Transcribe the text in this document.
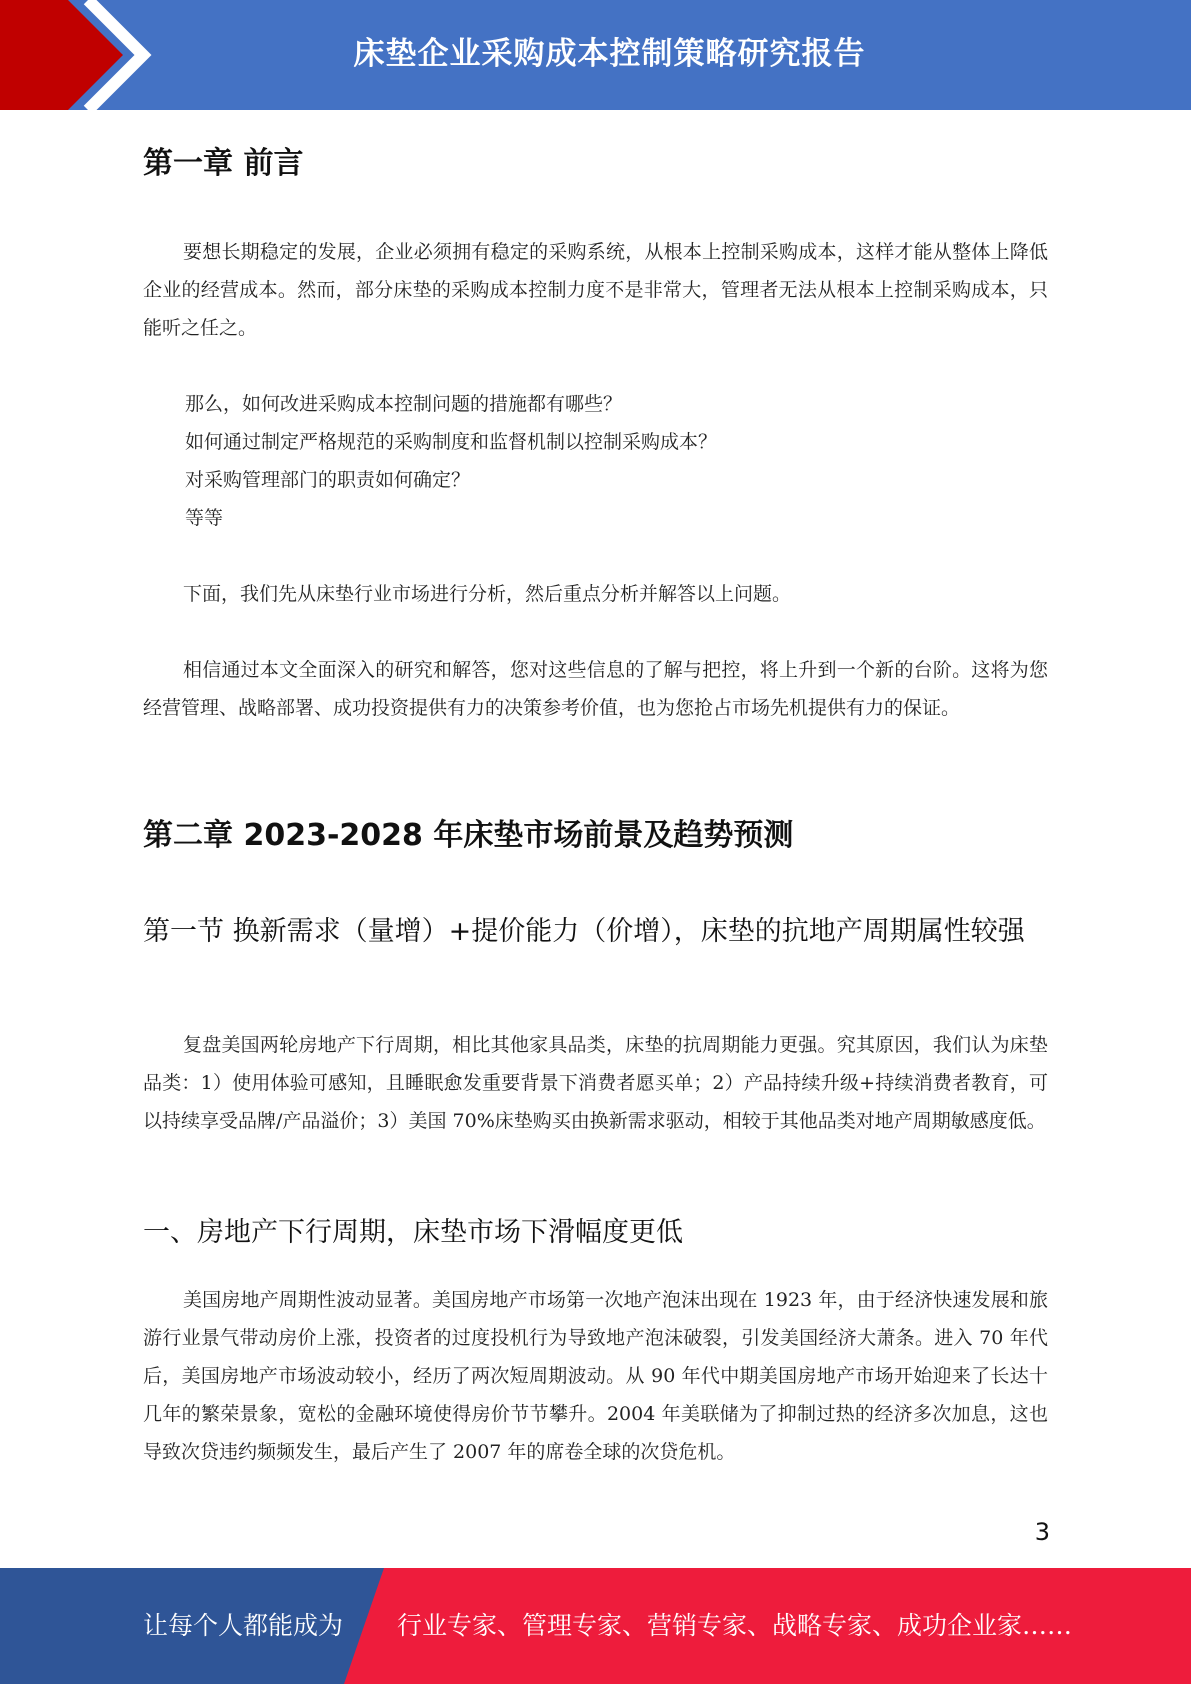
床垫企业采购成本控制策略研究报告
第一章 前言

要想长期稳定的发展，企业必须拥有稳定的采购系统，从根本上控制采购成本，这样才能从整体上降低企业的经营成本。然而，部分床垫的采购成本控制力度不是非常大，管理者无法从根本上控制采购成本，只能听之任之。

那么，如何改进采购成本控制问题的措施都有哪些？

如何通过制定严格规范的采购制度和监督机制以控制采购成本？

对采购管理部门的职责如何确定？

等等

下面，我们先从床垫行业市场进行分析，然后重点分析并解答以上问题。

相信通过本文全面深入的研究和解答，您对这些信息的了解与把控，将上升到一个新的台阶。这将为您经营管理、战略部署、成功投资提供有力的决策参考价值，也为您抢占市场先机提供有力的保证。

第二章 2023-2028 年床垫市场前景及趋势预测
第一节 换新需求（量增）+提价能力（价增），床垫的抗地产周期属性较强

复盘美国两轮房地产下行周期，相比其他家具品类，床垫的抗周期能力更强。究其原因，我们认为床垫品类：1）使用体验可感知，且睡眠愈发重要背景下消费者愿买单；2）产品持续升级+持续消费者教育，可以持续享受品牌/产品溢价；3）美国 70%床垫购买由换新需求驱动，相较于其他品类对地产周期敏感度低。

一、房地产下行周期，床垫市场下滑幅度更低

美国房地产周期性波动显著。美国房地产市场第一次地产泡沫出现在 1923 年，由于经济快速发展和旅游行业景气带动房价上涨，投资者的过度投机行为导致地产泡沫破裂，引发美国经济大萧条。进入 70 年代后，美国房地产市场波动较小，经历了两次短周期波动。从 90 年代中期美国房地产市场开始迎来了长达十几年的繁荣景象，宽松的金融环境使得房价节节攀升。2004 年美联储为了抑制过热的经济多次加息，这也导致次贷违约频频发生，最后产生了 2007 年的席卷全球的次贷危机。

3
让每个人都能成为 行业专家、管理专家、营销专家、战略专家、成功企业家……
